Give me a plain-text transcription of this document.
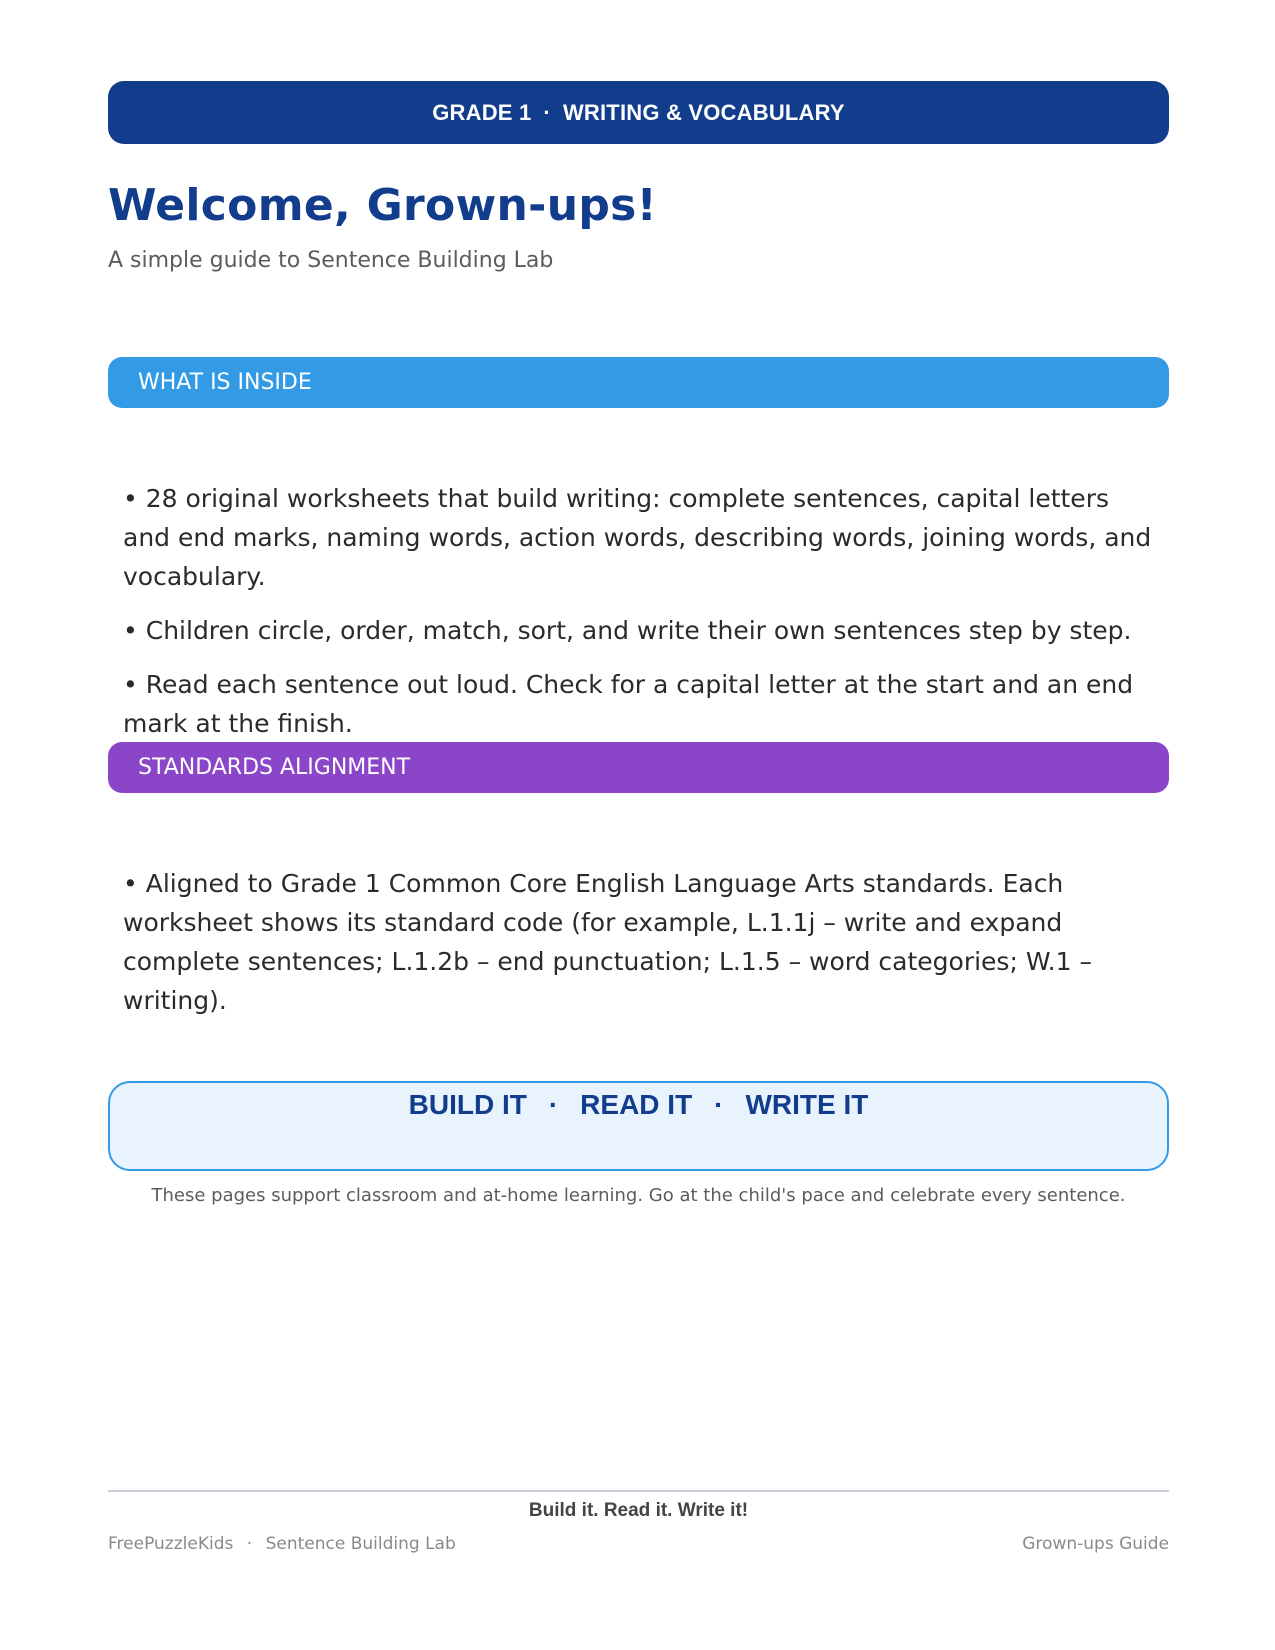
GRADE 1 · WRITING & VOCABULARY
Welcome, Grown-ups!
A simple guide to Sentence Building Lab
WHAT IS INSIDE
• 28 original worksheets that build writing: complete sentences, capital letters and end marks, naming words, action words, describing words, joining words, and vocabulary.
• Children circle, order, match, sort, and write their own sentences step by step.
• Read each sentence out loud. Check for a capital letter at the start and an end mark at the finish.
STANDARDS ALIGNMENT
• Aligned to Grade 1 Common Core English Language Arts standards. Each worksheet shows its standard code (for example, L.1.1j – write and expand complete sentences; L.1.2b – end punctuation; L.1.5 – word categories; W.1 – writing).
BUILD IT · READ IT · WRITE IT
These pages support classroom and at-home learning. Go at the child's pace and celebrate every sentence.
Build it. Read it. Write it!
FreePuzzleKids · Sentence Building Lab	Grown-ups Guide
